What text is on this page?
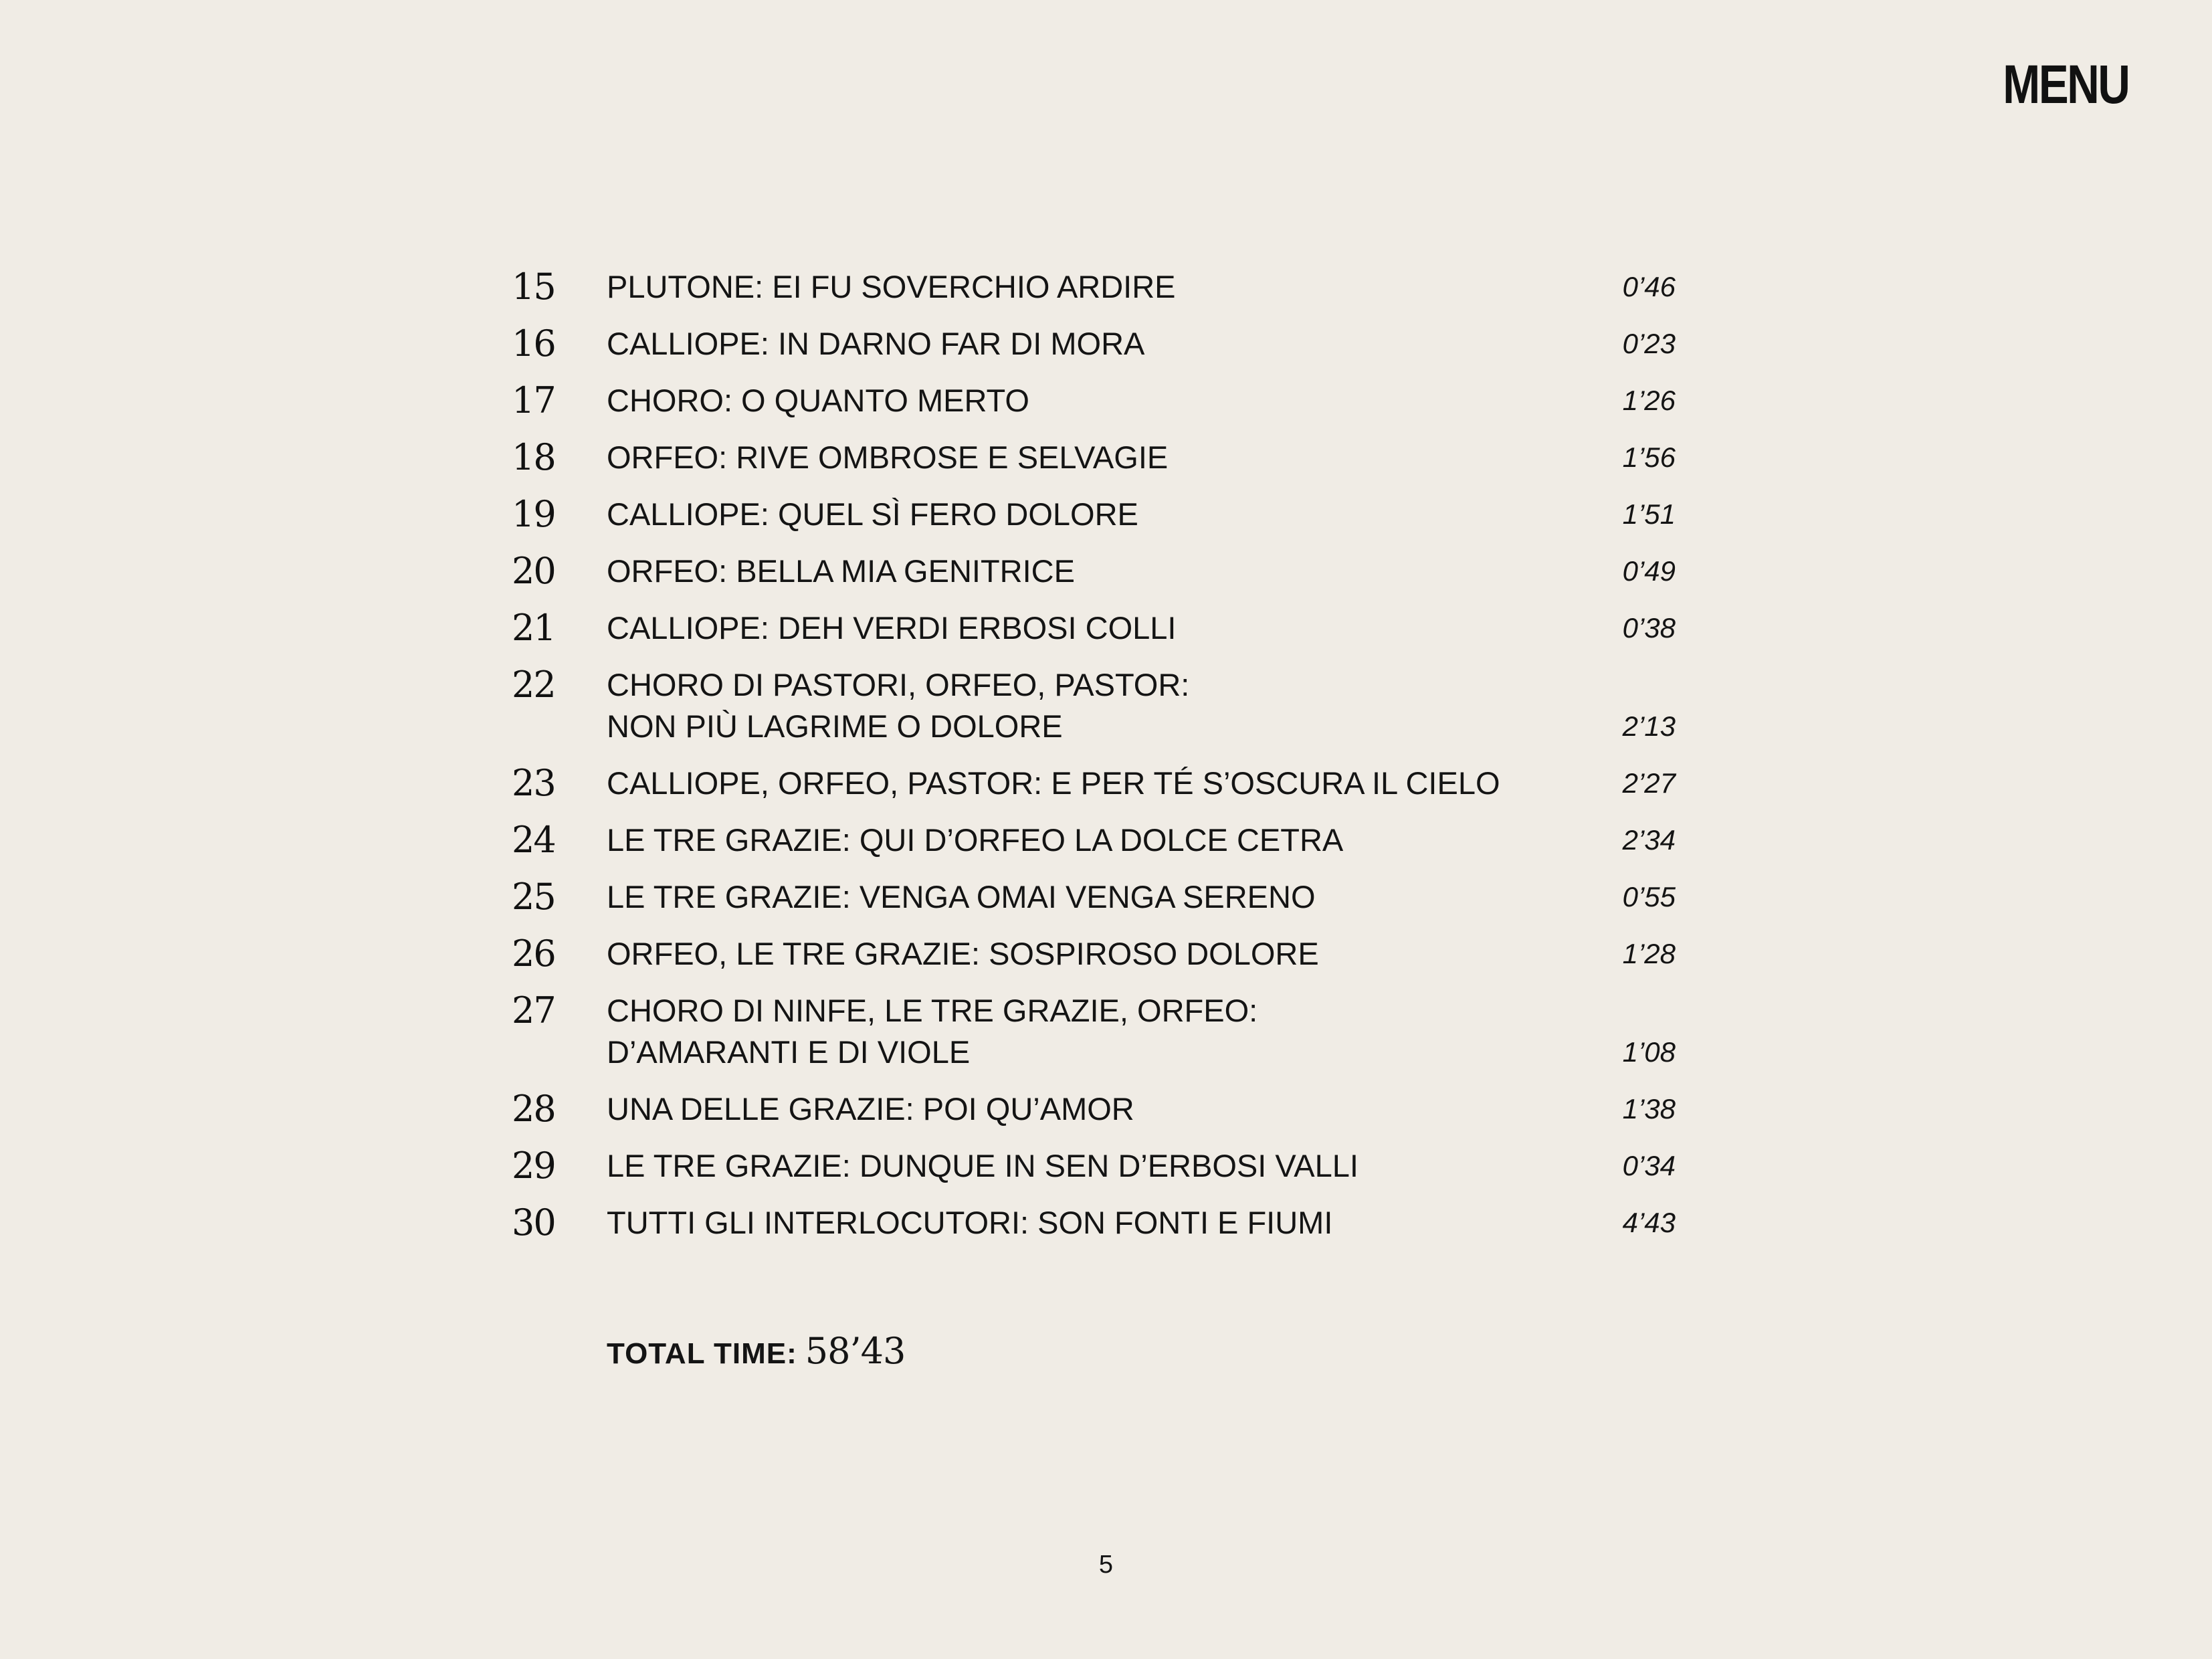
MENU
15	PLUTONE: EI FU SOVERCHIO ARDIRE	0’46
16	CALLIOPE: IN DARNO FAR DI MORA	0’23
17	CHORO: O QUANTO MERTO	1’26
18	ORFEO: RIVE OMBROSE E SELVAGIE	1’56
19	CALLIOPE: QUEL SÌ FERO DOLORE	1’51
20	ORFEO: BELLA MIA GENITRICE	0’49
21	CALLIOPE: DEH VERDI ERBOSI COLLI	0’38
22	CHORO DI PASTORI, ORFEO, PASTOR:
NON PIÙ LAGRIME O DOLORE	2’13
23	CALLIOPE, ORFEO, PASTOR: E PER TÉ S’OSCURA IL CIELO	2’27
24	LE TRE GRAZIE: QUI D’ORFEO LA DOLCE CETRA	2’34
25	LE TRE GRAZIE: VENGA OMAI VENGA SERENO	0’55
26	ORFEO, LE TRE GRAZIE: SOSPIROSO DOLORE	1’28
27	CHORO DI NINFE, LE TRE GRAZIE, ORFEO:
D’AMARANTI E DI VIOLE	1’08
28	UNA DELLE GRAZIE: POI QU’AMOR	1’38
29	LE TRE GRAZIE: DUNQUE IN SEN D’ERBOSI VALLI	0’34
30	TUTTI GLI INTERLOCUTORI: SON FONTI E FIUMI	4’43
TOTAL TIME: 58’43
5
